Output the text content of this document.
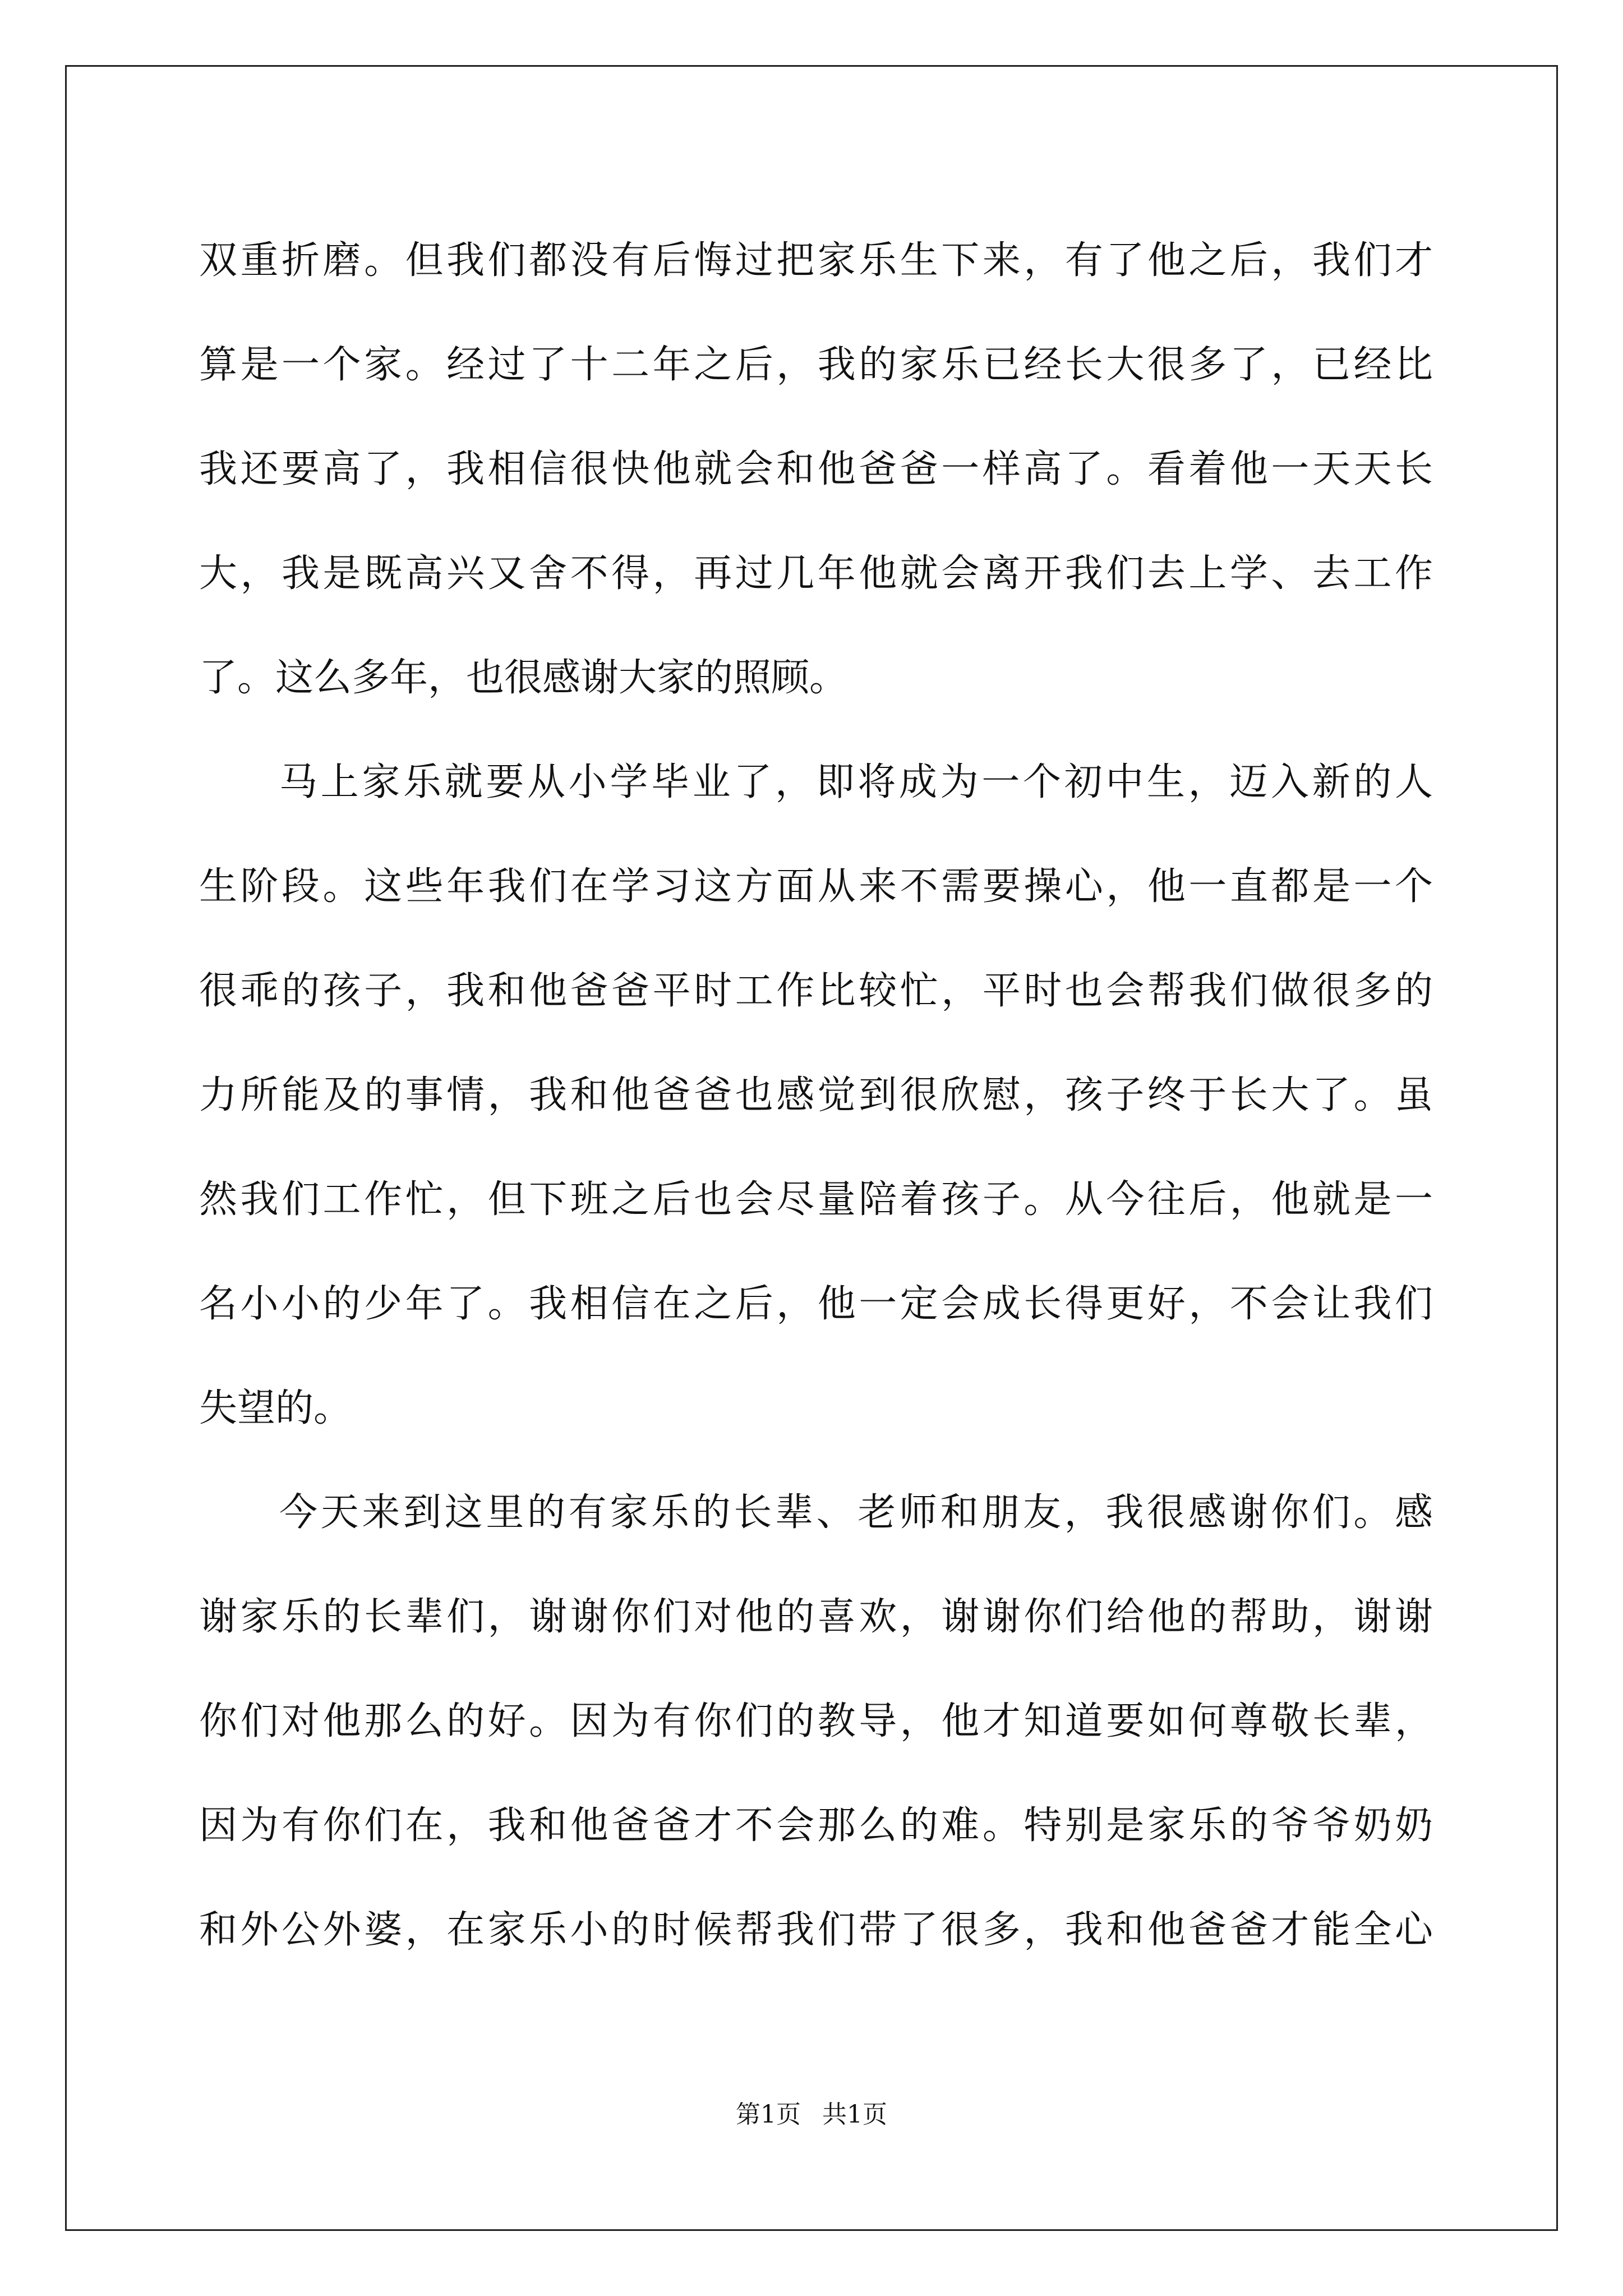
双重折磨。但我们都没有后悔过把家乐生下来，有了他之后，我们才
算是一个家。经过了十二年之后，我的家乐已经长大很多了，已经比
我还要高了，我相信很快他就会和他爸爸一样高了。看着他一天天长
大，我是既高兴又舍不得，再过几年他就会离开我们去上学、去工作
了。这么多年，也很感谢大家的照顾。
马上家乐就要从小学毕业了，即将成为一个初中生，迈入新的人
生阶段。这些年我们在学习这方面从来不需要操心，他一直都是一个
很乖的孩子，我和他爸爸平时工作比较忙，平时也会帮我们做很多的
力所能及的事情，我和他爸爸也感觉到很欣慰，孩子终于长大了。虽
然我们工作忙，但下班之后也会尽量陪着孩子。从今往后，他就是一
名小小的少年了。我相信在之后，他一定会成长得更好，不会让我们
失望的。
今天来到这里的有家乐的长辈、老师和朋友，我很感谢你们。感
谢家乐的长辈们，谢谢你们对他的喜欢，谢谢你们给他的帮助，谢谢
你们对他那么的好。因为有你们的教导，他才知道要如何尊敬长辈，
因为有你们在，我和他爸爸才不会那么的难。特别是家乐的爷爷奶奶
和外公外婆，在家乐小的时候帮我们带了很多，我和他爸爸才能全心
第1页 共1页
